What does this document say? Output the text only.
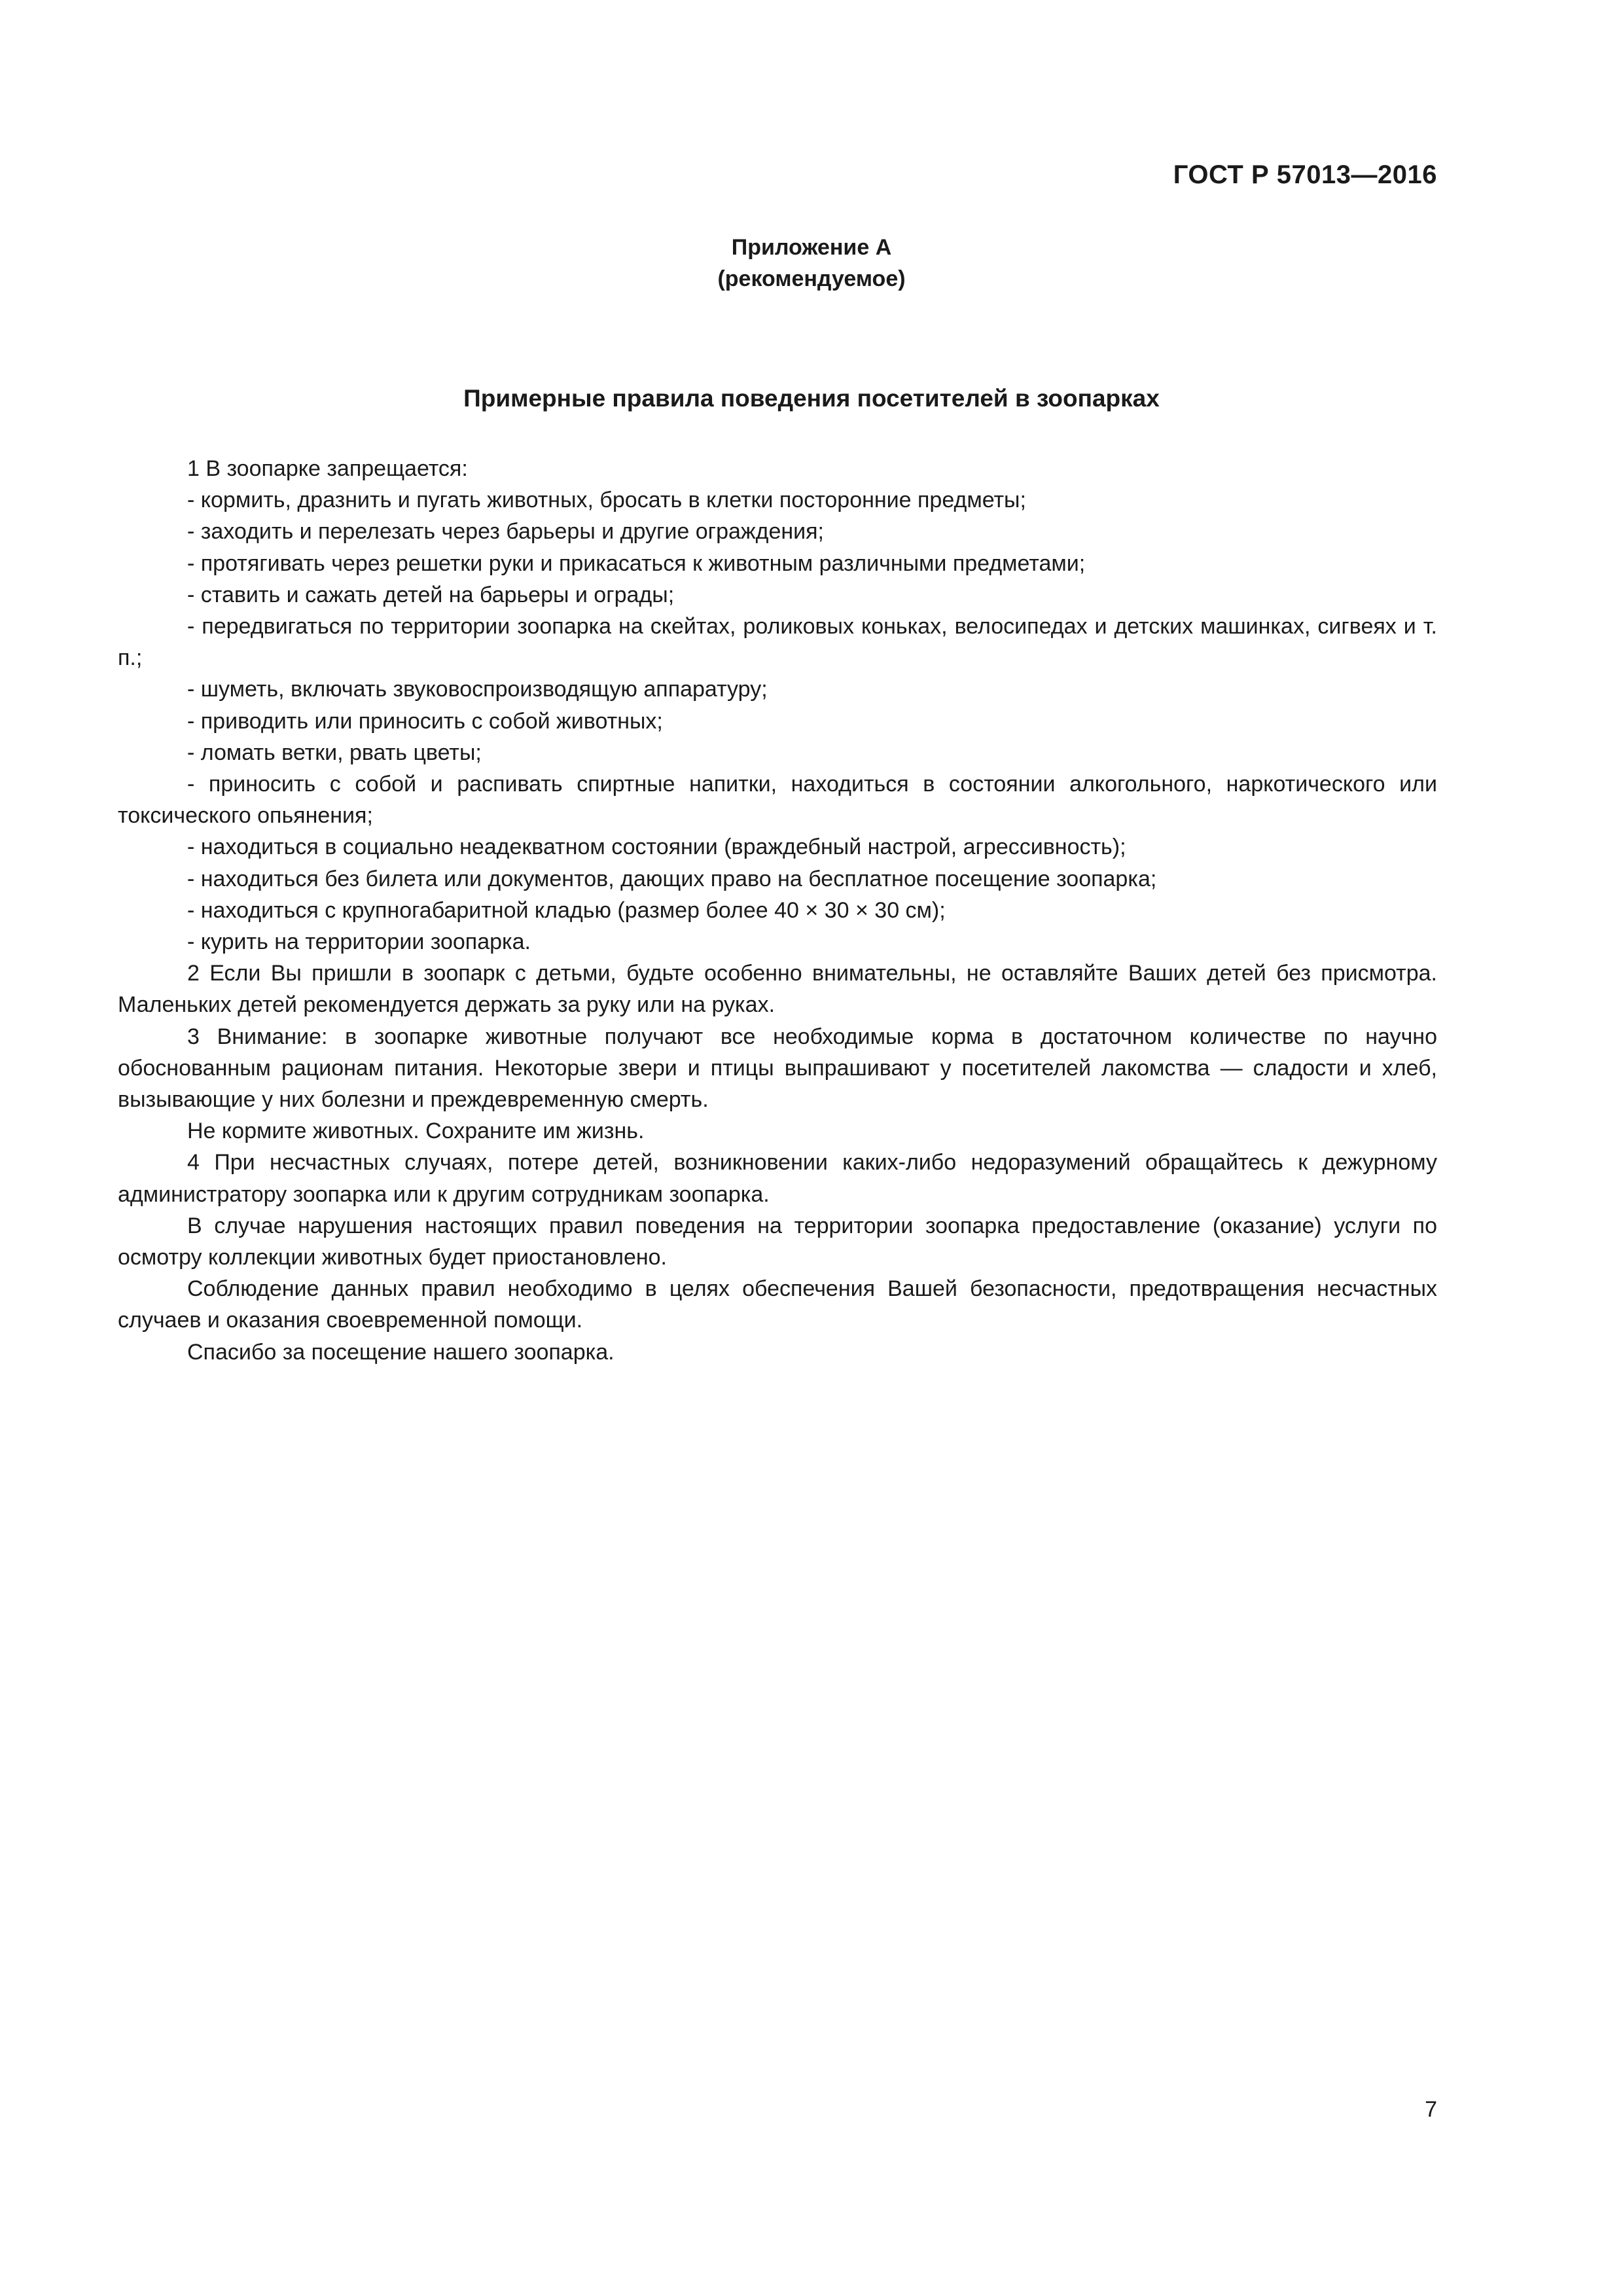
ГОСТ Р 57013—2016
Приложение А
(рекомендуемое)
Примерные правила поведения посетителей в зоопарках

1 В зоопарке запрещается:

- кормить, дразнить и пугать животных, бросать в клетки посторонние предметы;

- заходить и перелезать через барьеры и другие ограждения;

- протягивать через решетки руки и прикасаться к животным различными предметами;

- ставить и сажать детей на барьеры и ограды;

- передвигаться по территории зоопарка на скейтах, роликовых коньках, велосипедах и детских машинках, сигвеях и т. п.;

- шуметь, включать звуковоспроизводящую аппаратуру;

- приводить или приносить с собой животных;

- ломать ветки, рвать цветы;

- приносить с собой и распивать спиртные напитки, находиться в состоянии алкогольного, наркотического или токсического опьянения;

- находиться в социально неадекватном состоянии (враждебный настрой, агрессивность);

- находиться без билета или документов, дающих право на бесплатное посещение зоопарка;

- находиться с крупногабаритной кладью (размер более 40 × 30 × 30 см);

- курить на территории зоопарка.

2 Если Вы пришли в зоопарк с детьми, будьте особенно внимательны, не оставляйте Ваших детей без присмотра. Маленьких детей рекомендуется держать за руку или на руках.

3 Внимание: в зоопарке животные получают все необходимые корма в достаточном количестве по научно обоснованным рационам питания. Некоторые звери и птицы выпрашивают у посетителей лакомства — сладости и хлеб, вызывающие у них болезни и преждевременную смерть.

Не кормите животных. Сохраните им жизнь.

4 При несчастных случаях, потере детей, возникновении каких-либо недоразумений обращайтесь к дежурному администратору зоопарка или к другим сотрудникам зоопарка.

В случае нарушения настоящих правил поведения на территории зоопарка предоставление (оказание) услуги по осмотру коллекции животных будет приостановлено.

Соблюдение данных правил необходимо в целях обеспечения Вашей безопасности, предотвращения несчастных случаев и оказания своевременной помощи.

Спасибо за посещение нашего зоопарка.

7
